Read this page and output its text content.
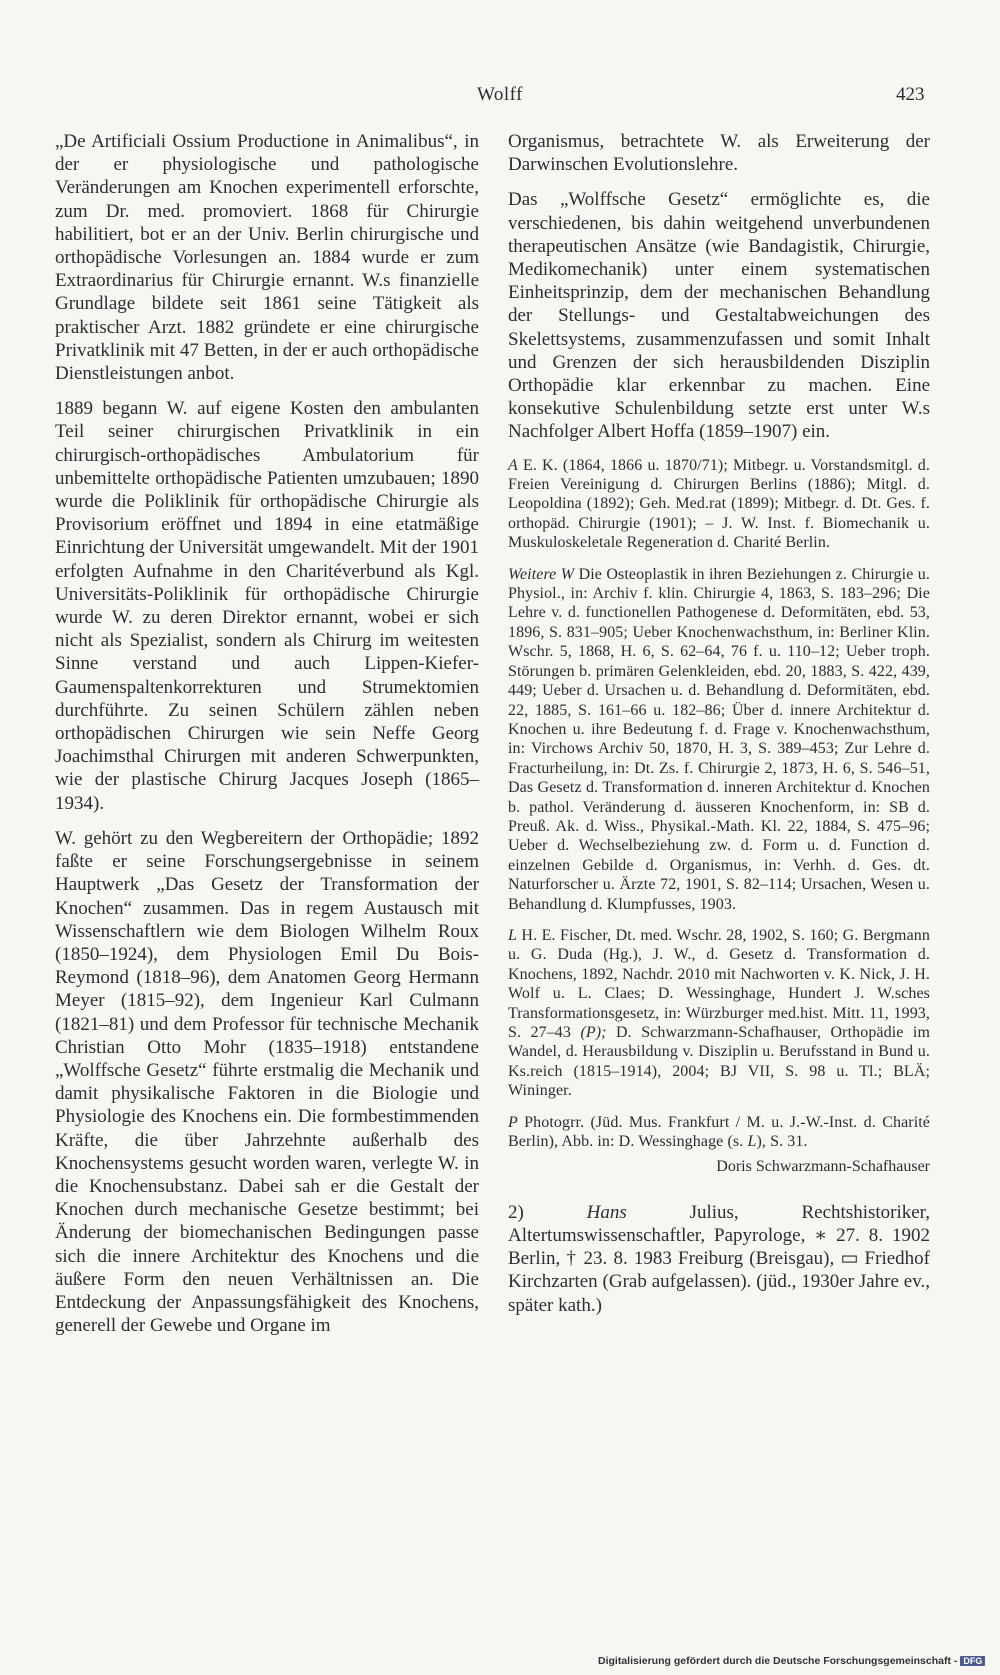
Wolff	423

„De Artificiali Ossium Productione in Animalibus“, in der er physiologische und pathologische Veränderungen am Knochen experimentell erforschte, zum Dr. med. promoviert. 1868 für Chirurgie habilitiert, bot er an der Univ. Berlin chirurgische und orthopädische Vorlesungen an. 1884 wurde er zum Extraordinarius für Chirurgie ernannt. W.s finanzielle Grundlage bildete seit 1861 seine Tätigkeit als praktischer Arzt. 1882 gründete er eine chirurgische Privatklinik mit 47 Betten, in der er auch orthopädische Dienstleistungen anbot.

1889 begann W. auf eigene Kosten den ambulanten Teil seiner chirurgischen Privatklinik in ein chirurgisch-orthopädisches Ambulatorium für unbemittelte orthopädische Patienten umzubauen; 1890 wurde die Poliklinik für orthopädische Chirurgie als Provisorium eröffnet und 1894 in eine etatmäßige Einrichtung der Universität umgewandelt. Mit der 1901 erfolgten Aufnahme in den Charitéverbund als Kgl. Universitäts-Poliklinik für orthopädische Chirurgie wurde W. zu deren Direktor ernannt, wobei er sich nicht als Spezialist, sondern als Chirurg im weitesten Sinne verstand und auch Lippen-Kiefer-Gaumenspaltenkorrekturen und Strumektomien durchführte. Zu seinen Schülern zählen neben orthopädischen Chirurgen wie sein Neffe Georg Joachimsthal Chirurgen mit anderen Schwerpunkten, wie der plastische Chirurg Jacques Joseph (1865–1934).

W. gehört zu den Wegbereitern der Orthopädie; 1892 faßte er seine Forschungsergebnisse in seinem Hauptwerk „Das Gesetz der Transformation der Knochen“ zusammen. Das in regem Austausch mit Wissenschaftlern wie dem Biologen Wilhelm Roux (1850–1924), dem Physiologen Emil Du Bois-Reymond (1818–96), dem Anatomen Georg Hermann Meyer (1815–92), dem Ingenieur Karl Culmann (1821–81) und dem Professor für technische Mechanik Christian Otto Mohr (1835–1918) entstandene „Wolffsche Gesetz“ führte erstmalig die Mechanik und damit physikalische Faktoren in die Biologie und Physiologie des Knochens ein. Die formbestimmenden Kräfte, die über Jahrzehnte außerhalb des Knochensystems gesucht worden waren, verlegte W. in die Knochensubstanz. Dabei sah er die Gestalt der Knochen durch mechanische Gesetze bestimmt; bei Änderung der biomechanischen Bedingungen passe sich die innere Architektur des Knochens und die äußere Form den neuen Verhältnissen an. Die Entdeckung der Anpassungsfähigkeit des Knochens, generell der Gewebe und Organe im

Organismus, betrachtete W. als Erweiterung der Darwinschen Evolutionslehre.

Das „Wolffsche Gesetz“ ermöglichte es, die verschiedenen, bis dahin weitgehend unverbundenen therapeutischen Ansätze (wie Bandagistik, Chirurgie, Medikomechanik) unter einem systematischen Einheitsprinzip, dem der mechanischen Behandlung der Stellungs- und Gestaltabweichungen des Skelettsystems, zusammenzufassen und somit Inhalt und Grenzen der sich herausbildenden Disziplin Orthopädie klar erkennbar zu machen. Eine konsekutive Schulenbildung setzte erst unter W.s Nachfolger Albert Hoffa (1859–1907) ein.

A E. K. (1864, 1866 u. 1870/71); Mitbegr. u. Vorstandsmitgl. d. Freien Vereinigung d. Chirurgen Berlins (1886); Mitgl. d. Leopoldina (1892); Geh. Med.rat (1899); Mitbegr. d. Dt. Ges. f. orthopäd. Chirurgie (1901); – J. W. Inst. f. Biomechanik u. Muskuloskeletale Regeneration d. Charité Berlin.

Weitere W Die Osteoplastik in ihren Beziehungen z. Chirurgie u. Physiol., in: Archiv f. klin. Chirurgie 4, 1863, S. 183–296; Die Lehre v. d. functionellen Pathogenese d. Deformitäten, ebd. 53, 1896, S. 831–905; Ueber Knochenwachsthum, in: Berliner Klin. Wschr. 5, 1868, H. 6, S. 62–64, 76 f. u. 110–12; Ueber troph. Störungen b. primären Gelenkleiden, ebd. 20, 1883, S. 422, 439, 449; Ueber d. Ursachen u. d. Behandlung d. Deformitäten, ebd. 22, 1885, S. 161–66 u. 182–86; Über d. innere Architektur d. Knochen u. ihre Bedeutung f. d. Frage v. Knochenwachsthum, in: Virchows Archiv 50, 1870, H. 3, S. 389–453; Zur Lehre d. Fracturheilung, in: Dt. Zs. f. Chirurgie 2, 1873, H. 6, S. 546–51, Das Gesetz d. Transformation d. inneren Architektur d. Knochen b. pathol. Veränderung d. äusseren Knochenform, in: SB d. Preuß. Ak. d. Wiss., Physikal.-Math. Kl. 22, 1884, S. 475–96; Ueber d. Wechselbeziehung zw. d. Form u. d. Function d. einzelnen Gebilde d. Organismus, in: Verhh. d. Ges. dt. Naturforscher u. Ärzte 72, 1901, S. 82–114; Ursachen, Wesen u. Behandlung d. Klumpfusses, 1903.

L H. E. Fischer, Dt. med. Wschr. 28, 1902, S. 160; G. Bergmann u. G. Duda (Hg.), J. W., d. Gesetz d. Transformation d. Knochens, 1892, Nachdr. 2010 mit Nachworten v. K. Nick, J. H. Wolf u. L. Claes; D. Wessinghage, Hundert J. W.sches Transformationsgesetz, in: Würzburger med.hist. Mitt. 11, 1993, S. 27–43 (P); D. Schwarzmann-Schafhauser, Orthopädie im Wandel, d. Herausbildung v. Disziplin u. Berufsstand in Bund u. Ks.reich (1815–1914), 2004; BJ VII, S. 98 u. Tl.; BLÄ; Wininger.

P Photogrr. (Jüd. Mus. Frankfurt / M. u. J.-W.-Inst. d. Charité Berlin), Abb. in: D. Wessinghage (s. L), S. 31.

Doris Schwarzmann-Schafhauser

2) Hans Julius, Rechtshistoriker, Altertumswissenschaftler, Papyrologe, ∗ 27. 8. 1902 Berlin, † 23. 8. 1983 Freiburg (Breisgau), ▭ Friedhof Kirchzarten (Grab aufgelassen). (jüd., 1930er Jahre ev., später kath.)

Digitalisierung gefördert durch die Deutsche Forschungsgemeinschaft - DFG
